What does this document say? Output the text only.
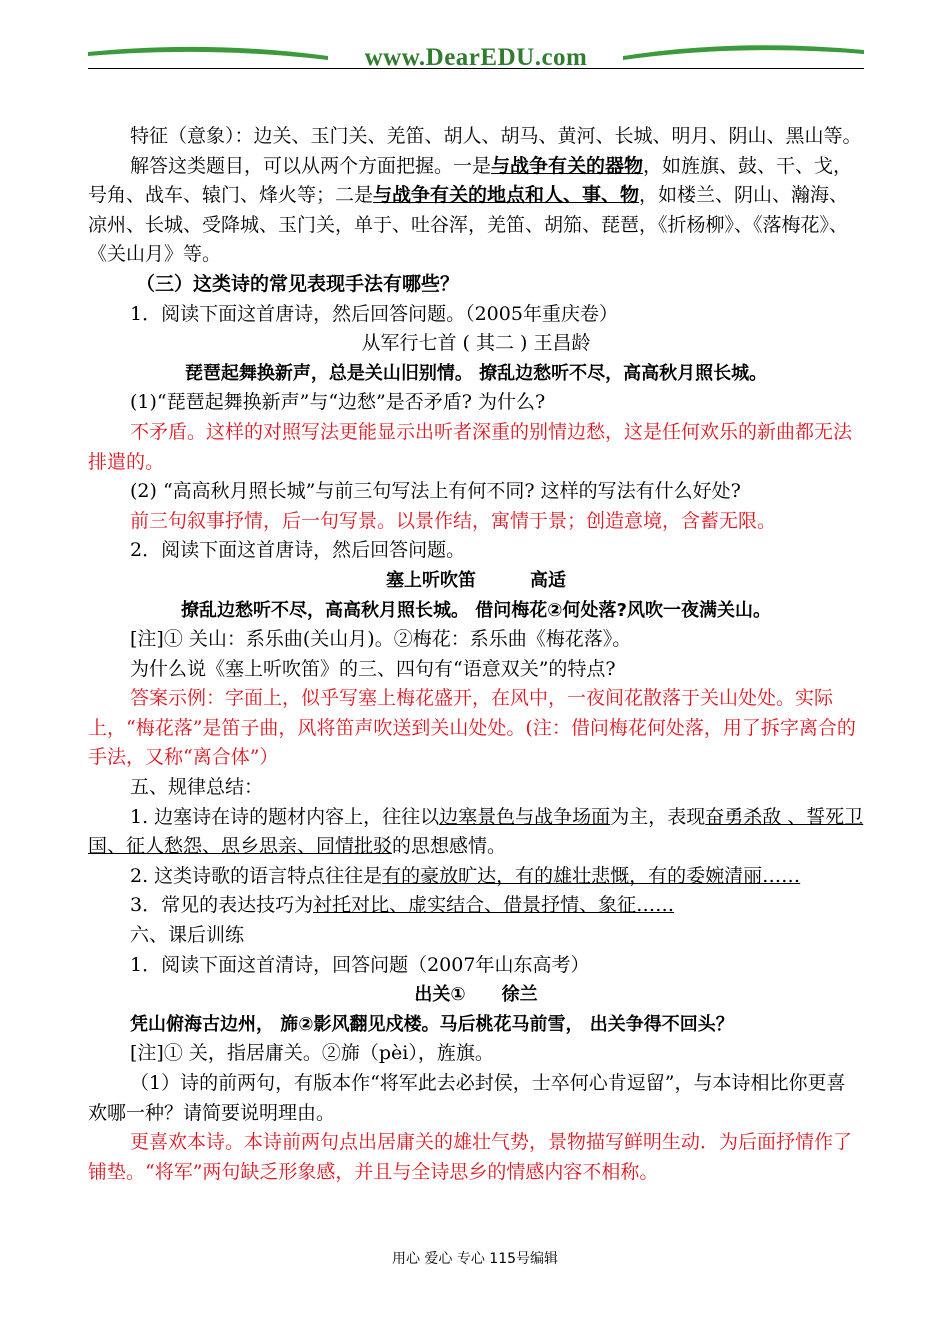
www.DearEDU.com

特征（意象）：边关、玉门关、羌笛、胡人、胡马、黄河、长城、明月、阴山、黑山等。

解答这类题目，可以从两个方面把握。一是与战争有关的器物，如旌旗、鼓、干、戈，号角、战车、辕门、烽火等；二是与战争有关的地点和人、事、物，如楼兰、阴山、瀚海、凉州、长城、受降城、玉门关，单于、吐谷浑，羌笛、胡笳、琵琶，《折杨柳》、《落梅花》、《关山月》等。

（三）这类诗的常见表现手法有哪些？

1．阅读下面这首唐诗，然后回答问题。（2005年重庆卷）

从军行七首 ( 其二 ) 王昌龄

琵琶起舞换新声，总是关山旧别情。 撩乱边愁听不尽，高高秋月照长城。

(1)“琵琶起舞换新声”与“边愁”是否矛盾? 为什么?

不矛盾。这样的对照写法更能显示出听者深重的别情边愁，这是任何欢乐的新曲都无法排遣的。

(2) “高高秋月照长城”与前三句写法上有何不同? 这样的写法有什么好处?

前三句叙事抒情，后一句写景。以景作结，寓情于景；创造意境，含蓄无限。

2．阅读下面这首唐诗，然后回答问题。

塞上听吹笛　　　高适

撩乱边愁听不尽，高高秋月照长城。 借问梅花②何处落?风吹一夜满关山。

[注]① 关山：系乐曲(关山月)。②梅花：系乐曲《梅花落》。

为什么说《塞上听吹笛》的三、四句有“语意双关”的特点?

答案示例：字面上，似乎写塞上梅花盛开，在风中，一夜间花散落于关山处处。实际上，“梅花落”是笛子曲，风将笛声吹送到关山处处。(注：借问梅花何处落，用了拆字离合的手法，又称“离合体”）

五、规律总结：

1. 边塞诗在诗的题材内容上，往往以边塞景色与战争场面为主，表现奋勇杀敌 、誓死卫国、征人愁怨、思乡思亲、同情批驳的思想感情。

2. 这类诗歌的语言特点往往是有的豪放旷达，有的雄壮悲慨，有的委婉清丽……

3．常见的表达技巧为衬托对比、虚实结合、借景抒情、象征……

六、课后训练

1．阅读下面这首清诗，回答问题（2007年山东高考）

出关①　　徐兰

凭山俯海古边州， 旆②影风翻见戍楼。马后桃花马前雪， 出关争得不回头？

[注]① 关，指居庸关。②旆（pèi），旌旗。

（1）诗的前两句，有版本作“将军此去必封侯，士卒何心肯逗留”，与本诗相比你更喜欢哪一种？请简要说明理由。

更喜欢本诗。本诗前两句点出居庸关的雄壮气势，景物描写鲜明生动．为后面抒情作了铺垫。“将军”两句缺乏形象感，并且与全诗思乡的情感内容不相称。

用心 爱心 专心 115号编辑
